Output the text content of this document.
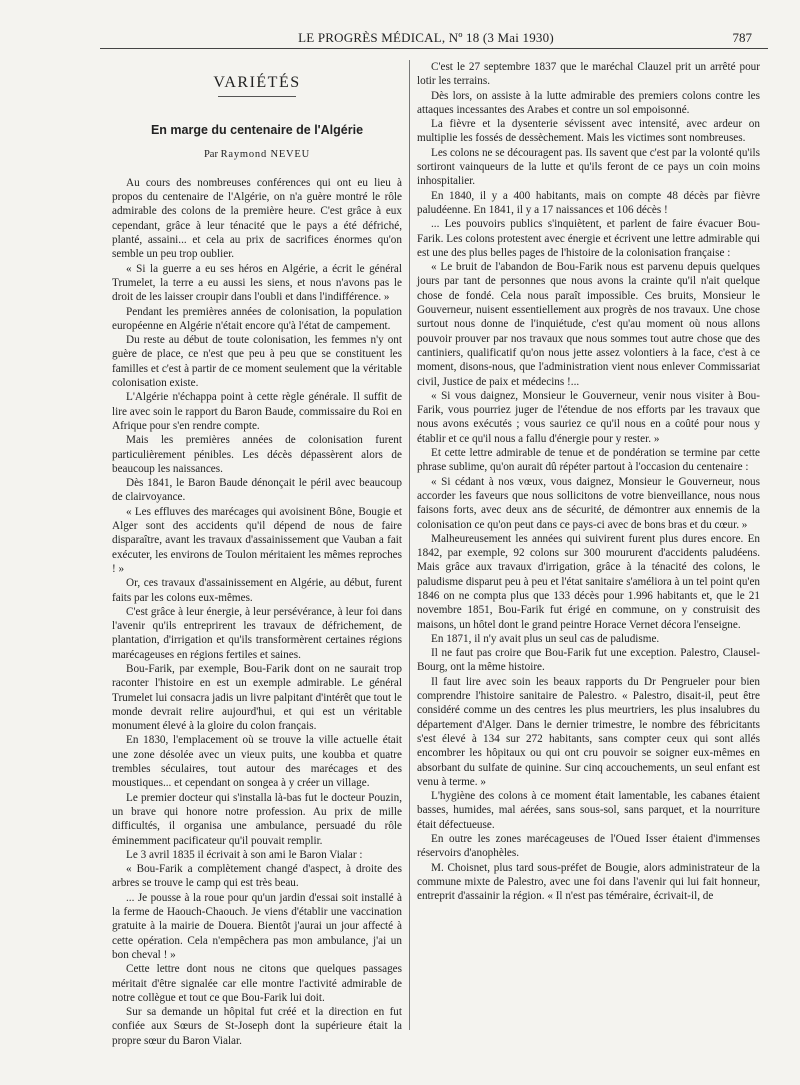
LE PROGRÈS MÉDICAL, Nº 18 (3 Mai 1930)	787
VARIÉTÉS
En marge du centenaire de l'Algérie
Par Raymond NEVEU

Au cours des nombreuses conférences qui ont eu lieu à propos du centenaire de l'Algérie, on n'a guère montré le rôle admirable des colons de la première heure. C'est grâce à eux cependant, grâce à leur ténacité que le pays a été défriché, planté, assaini... et cela au prix de sacrifices énormes qu'on semble un peu trop oublier.

« Si la guerre a eu ses héros en Algérie, a écrit le général Trumelet, la terre a eu aussi les siens, et nous n'avons pas le droit de les laisser croupir dans l'oubli et dans l'indifférence. »

Pendant les premières années de colonisation, la population européenne en Algérie n'était encore qu'à l'état de campement.

Du reste au début de toute colonisation, les femmes n'y ont guère de place, ce n'est que peu à peu que se constituent les familles et c'est à partir de ce moment seulement que la véritable colonisation existe.

L'Algérie n'échappa point à cette règle générale. Il suffit de lire avec soin le rapport du Baron Baude, commissaire du Roi en Afrique pour s'en rendre compte.

Mais les premières années de colonisation furent particulièrement pénibles. Les décès dépassèrent alors de beaucoup les naissances.

Dès 1841, le Baron Baude dénonçait le péril avec beaucoup de clairvoyance.

« Les effluves des marécages qui avoisinent Bône, Bougie et Alger sont des accidents qu'il dépend de nous de faire disparaître, avant les travaux d'assainissement que Vauban a fait exécuter, les environs de Toulon méritaient les mêmes reproches ! »

Or, ces travaux d'assainissement en Algérie, au début, furent faits par les colons eux-mêmes.

C'est grâce à leur énergie, à leur persévérance, à leur foi dans l'avenir qu'ils entreprirent les travaux de défrichement, de plantation, d'irrigation et qu'ils transformèrent certaines régions marécageuses en régions fertiles et saines.

Bou-Farik, par exemple, Bou-Farik dont on ne saurait trop raconter l'histoire en est un exemple admirable. Le général Trumelet lui consacra jadis un livre palpitant d'intérêt que tout le monde devrait relire aujourd'hui, et qui est un véritable monument élevé à la gloire du colon français.

En 1830, l'emplacement où se trouve la ville actuelle était une zone désolée avec un vieux puits, une koubba et quatre trembles séculaires, tout autour des marécages et des moustiques... et cependant on songea à y créer un village.

Le premier docteur qui s'installa là-bas fut le docteur Pouzin, un brave qui honore notre profession. Au prix de mille difficultés, il organisa une ambulance, persuadé du rôle éminemment pacificateur qu'il pouvait remplir.

Le 3 avril 1835 il écrivait à son ami le Baron Vialar :

« Bou-Farik a complètement changé d'aspect, à droite des arbres se trouve le camp qui est très beau.

... Je pousse à la roue pour qu'un jardin d'essai soit installé à la ferme de Haouch-Chaouch. Je viens d'établir une vaccination gratuite à la mairie de Douera. Bientôt j'aurai un jour affecté à cette opération. Cela n'empêchera pas mon ambulance, j'ai un bon cheval ! »

Cette lettre dont nous ne citons que quelques passages méritait d'être signalée car elle montre l'activité admirable de notre collègue et tout ce que Bou-Farik lui doit.

Sur sa demande un hôpital fut créé et la direction en fut confiée aux Sœurs de St-Joseph dont la supérieure était la propre sœur du Baron Vialar.

C'est le 27 septembre 1837 que le maréchal Clauzel prit un arrêté pour lotir les terrains.

Dès lors, on assiste à la lutte admirable des premiers colons contre les attaques incessantes des Arabes et contre un sol empoisonné.

La fièvre et la dysenterie sévissent avec intensité, avec ardeur on multiplie les fossés de dessèchement. Mais les victimes sont nombreuses.

Les colons ne se découragent pas. Ils savent que c'est par la volonté qu'ils sortiront vainqueurs de la lutte et qu'ils feront de ce pays un coin moins inhospitalier.

En 1840, il y a 400 habitants, mais on compte 48 décès par fièvre paludéenne. En 1841, il y a 17 naissances et 106 décès !

... Les pouvoirs publics s'inquiètent, et parlent de faire évacuer Bou-Farik. Les colons protestent avec énergie et écrivent une lettre admirable qui est une des plus belles pages de l'histoire de la colonisation française :

« Le bruit de l'abandon de Bou-Farik nous est parvenu depuis quelques jours par tant de personnes que nous avons la crainte qu'il n'ait quelque chose de fondé. Cela nous paraît impossible. Ces bruits, Monsieur le Gouverneur, nuisent essentiellement aux progrès de nos travaux. Une chose surtout nous donne de l'inquiétude, c'est qu'au moment où nous allons pouvoir prouver par nos travaux que nous sommes tout autre chose que des cantiniers, qualificatif qu'on nous jette assez volontiers à la face, c'est à ce moment, disons-nous, que l'administration vient nous enlever Commissariat civil, Justice de paix et médecins !...

« Si vous daignez, Monsieur le Gouverneur, venir nous visiter à Bou-Farik, vous pourriez juger de l'étendue de nos efforts par les travaux que nous avons exécutés ; vous sauriez ce qu'il nous en a coûté pour nous y établir et ce qu'il nous a fallu d'énergie pour y rester. »

Et cette lettre admirable de tenue et de pondération se termine par cette phrase sublime, qu'on aurait dû répéter partout à l'occasion du centenaire :

« Si cédant à nos vœux, vous daignez, Monsieur le Gouverneur, nous accorder les faveurs que nous sollicitons de votre bienveillance, nous nous faisons forts, avec deux ans de sécurité, de démontrer aux ennemis de la colonisation ce qu'on peut dans ce pays-ci avec de bons bras et du cœur. »

Malheureusement les années qui suivirent furent plus dures encore. En 1842, par exemple, 92 colons sur 300 moururent d'accidents paludéens. Mais grâce aux travaux d'irrigation, grâce à la ténacité des colons, le paludisme disparut peu à peu et l'état sanitaire s'améliora à un tel point qu'en 1846 on ne compta plus que 133 décès pour 1.996 habitants et, que le 21 novembre 1851, Bou-Farik fut érigé en commune, on y construisit des maisons, un hôtel dont le grand peintre Horace Vernet décora l'enseigne.

En 1871, il n'y avait plus un seul cas de paludisme.

Il ne faut pas croire que Bou-Farik fut une exception. Palestro, Clausel-Bourg, ont la même histoire.

Il faut lire avec soin les beaux rapports du Dr Pengrueler pour bien comprendre l'histoire sanitaire de Palestro. « Palestro, disait-il, peut être considéré comme un des centres les plus meurtriers, les plus insalubres du département d'Alger. Dans le dernier trimestre, le nombre des fébricitants s'est élevé à 134 sur 272 habitants, sans compter ceux qui sont allés encombrer les hôpitaux ou qui ont cru pouvoir se soigner eux-mêmes en absorbant du sulfate de quinine. Sur cinq accouchements, un seul enfant est venu à terme. »

L'hygiène des colons à ce moment était lamentable, les cabanes étaient basses, humides, mal aérées, sans sous-sol, sans parquet, et la nourriture était défectueuse.

En outre les zones marécageuses de l'Oued Isser étaient d'immenses réservoirs d'anophèles.

M. Choisnet, plus tard sous-préfet de Bougie, alors administrateur de la commune mixte de Palestro, avec une foi dans l'avenir qui lui fait honneur, entreprit d'assainir la région. « Il n'est pas téméraire, écrivait-il, de
